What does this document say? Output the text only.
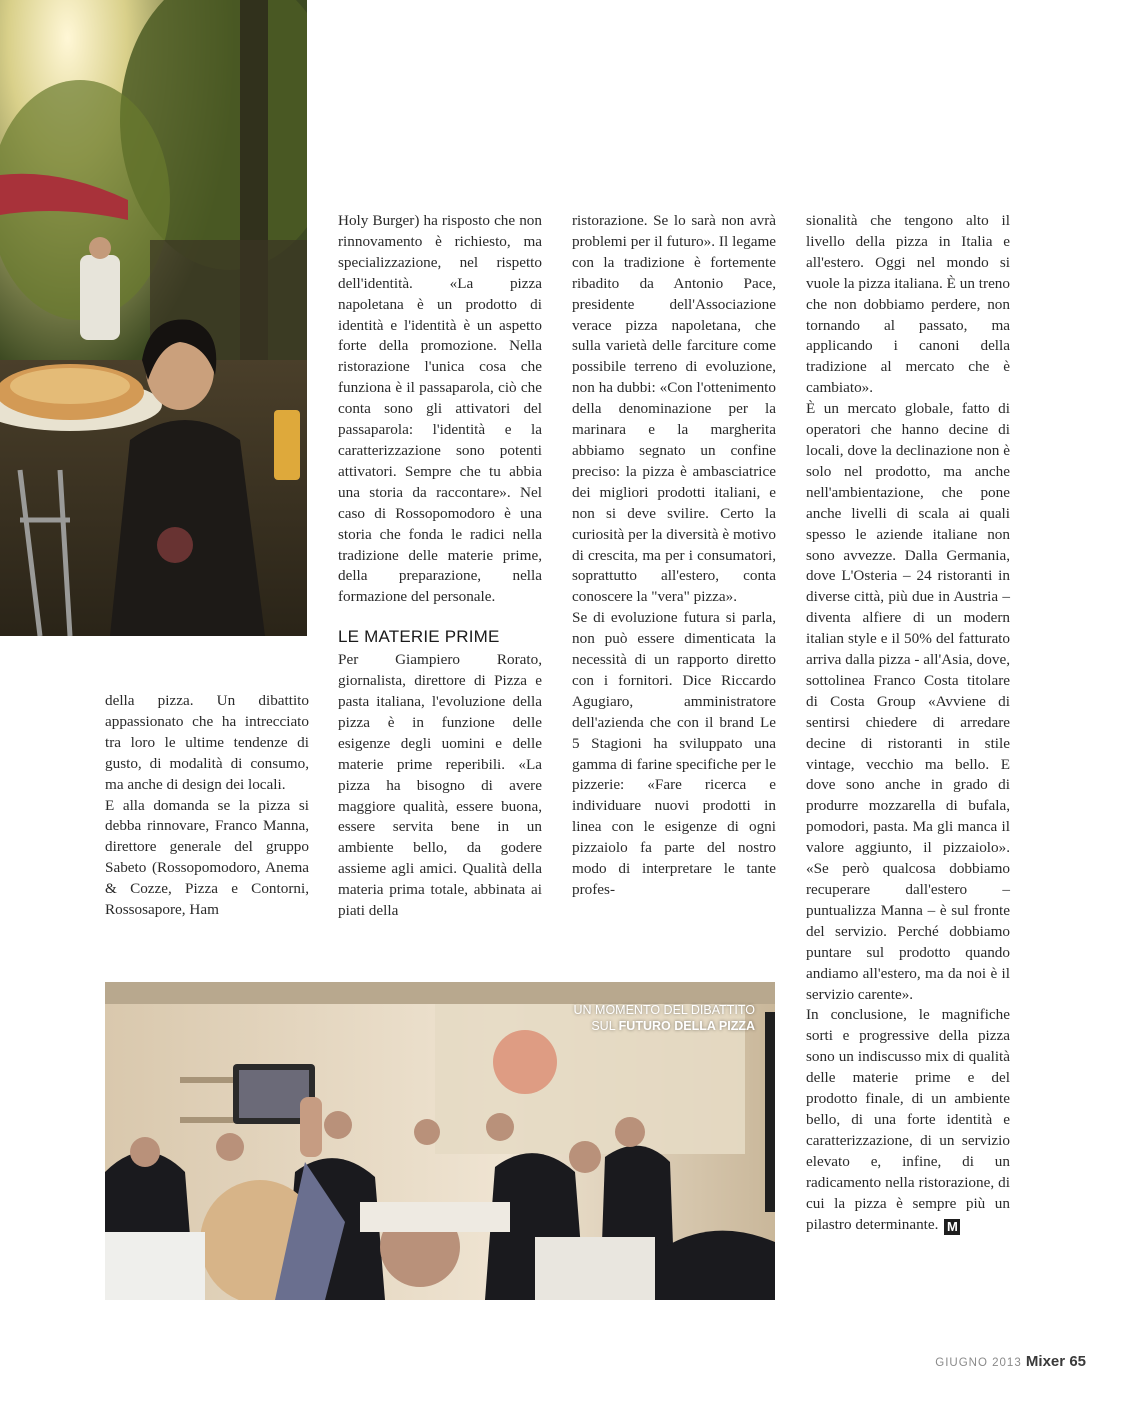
della pizza. Un dibattito appassionato che ha intrecciato tra loro le ultime tendenze di gusto, di modalità di consumo, ma anche di design dei locali.

E alla domanda se la pizza si debba rinnovare, Franco Manna, direttore generale del gruppo Sabeto (Rossopomodoro, Anema & Cozze, Pizza e Contorni, Rossosapore, Ham

Holy Burger) ha risposto che non rinnovamento è richiesto, ma specializzazione, nel rispetto dell'identità. «La pizza napoletana è un prodotto di identità e l'identità è un aspetto forte della promozione. Nella ristorazione l'unica cosa che funziona è il passaparola, ciò che conta sono gli attivatori del passaparola: l'identità e la caratterizzazione sono potenti attivatori. Sempre che tu abbia una storia da raccontare». Nel caso di Rossopomodoro è una storia che fonda le radici nella tradizione delle materie prime, della preparazione, nella formazione del personale.

LE MATERIE PRIME

Per Giampiero Rorato, giornalista, direttore di Pizza e pasta italiana, l'evoluzione della pizza è in funzione delle esigenze degli uomini e delle materie prime reperibili. «La pizza ha bisogno di avere maggiore qualità, essere buona, essere servita bene in un ambiente bello, da godere assieme agli amici. Qualità della materia prima totale, abbinata ai piati della

ristorazione. Se lo sarà non avrà problemi per il futuro». Il legame con la tradizione è fortemente ribadito da Antonio Pace, presidente dell'Associazione verace pizza napoletana, che sulla varietà delle farciture come possibile terreno di evoluzione, non ha dubbi: «Con l'ottenimento della denominazione per la marinara e la margherita abbiamo segnato un confine preciso: la pizza è ambasciatrice dei migliori prodotti italiani, e non si deve svilire. Certo la curiosità per la diversità è motivo di crescita, ma per i consumatori, soprattutto all'estero, conta conoscere la "vera" pizza».

Se di evoluzione futura si parla, non può essere dimenticata la necessità di un rapporto diretto con i fornitori. Dice Riccardo Agugiaro, amministratore dell'azienda che con il brand Le 5 Stagioni ha sviluppato una gamma di farine specifiche per le pizzerie: «Fare ricerca e individuare nuovi prodotti in linea con le esigenze di ogni pizzaiolo fa parte del nostro modo di interpretare le tante profes-

sionalità che tengono alto il livello della pizza in Italia e all'estero. Oggi nel mondo si vuole la pizza italiana. È un treno che non dobbiamo perdere, non tornando al passato, ma applicando i canoni della tradizione al mercato che è cambiato».

È un mercato globale, fatto di operatori che hanno decine di locali, dove la declinazione non è solo nel prodotto, ma anche nell'ambientazione, che pone anche livelli di scala ai quali spesso le aziende italiane non sono avvezze. Dalla Germania, dove L'Osteria – 24 ristoranti in diverse città, più due in Austria – diventa alfiere di un modern italian style e il 50% del fatturato arriva dalla pizza - all'Asia, dove, sottolinea Franco Costa titolare di Costa Group «Avviene di sentirsi chiedere di arredare decine di ristoranti in stile vintage, vecchio ma bello. E dove sono anche in grado di produrre mozzarella di bufala, pomodori, pasta. Ma gli manca il valore aggiunto, il pizzaiolo». «Se però qualcosa dobbiamo recuperare dall'estero – puntualizza Manna – è sul fronte del servizio. Perché dobbiamo puntare sul prodotto quando andiamo all'estero, ma da noi è il servizio carente».

In conclusione, le magnifiche sorti e progressive della pizza sono un indiscusso mix di qualità delle materie prime e del prodotto finale, di un ambiente bello, di una forte identità e caratterizzazione, di un servizio elevato e, infine, di un radicamento nella ristorazione, di cui la pizza è sempre più un pilastro determinante. M

UN MOMENTO DEL DIBATTITO
SUL FUTURO DELLA PIZZA
GIUGNO 2013 Mixer 65
